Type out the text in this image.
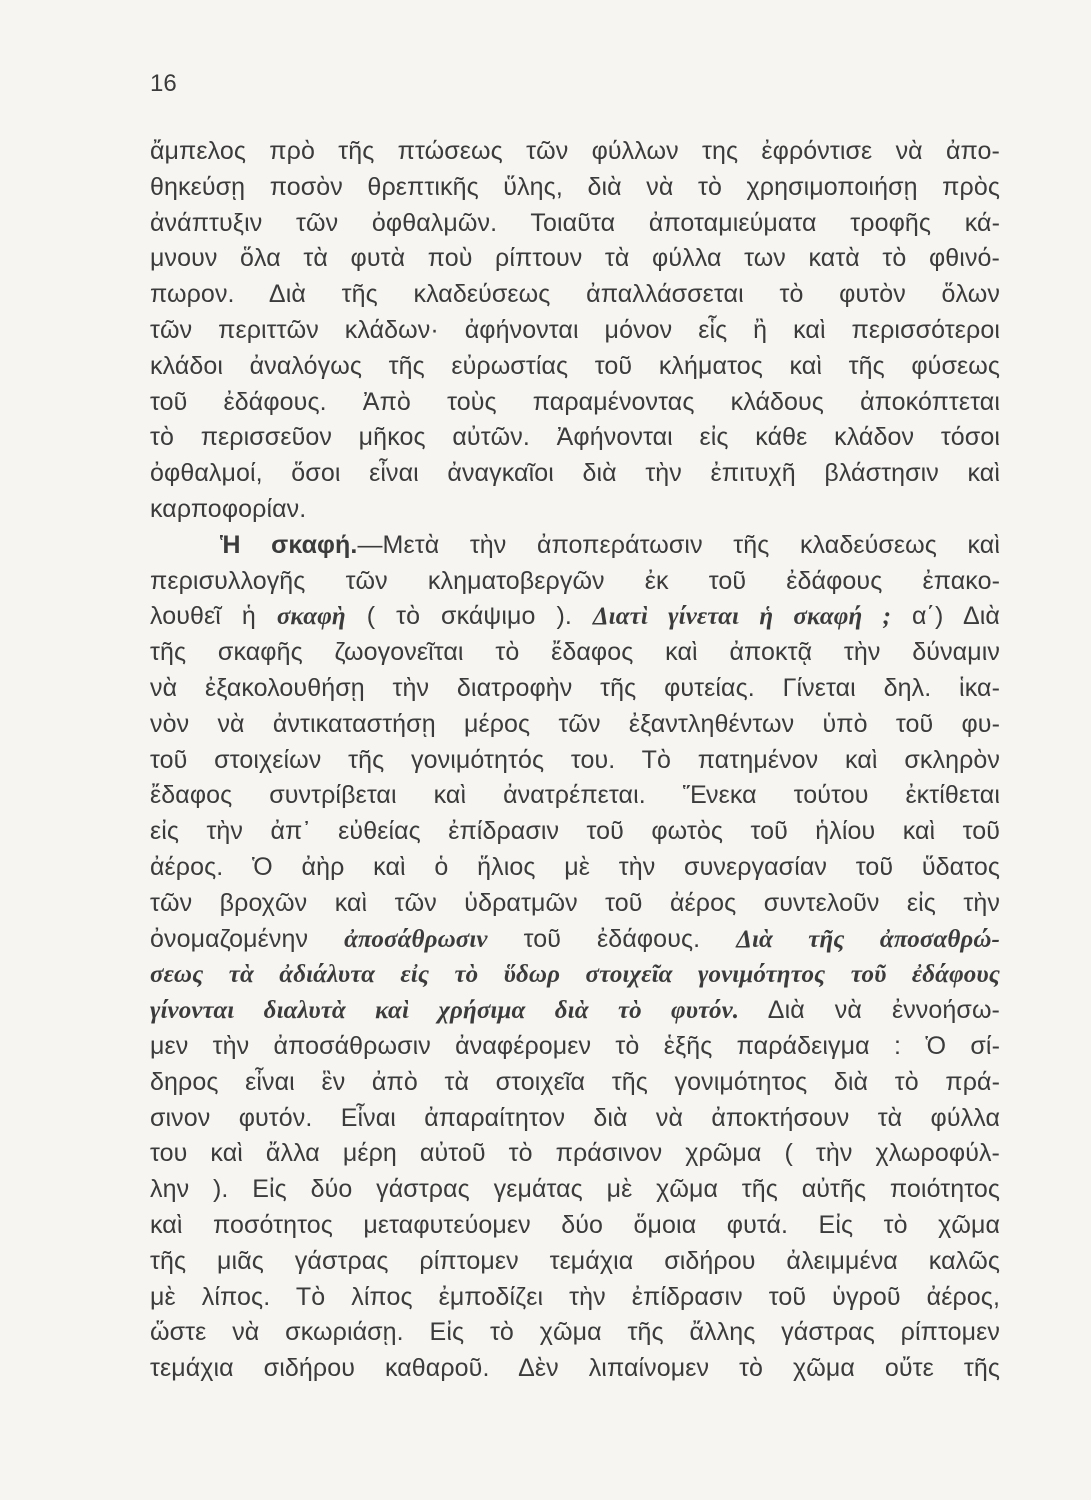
16
ἄμπελος πρὸ τῆς πτώσεως τῶν φύλλων της ἐφρόντισε νὰ ἀπο-
θηκεύσῃ ποσὸν θρεπτικῆς ὕλης, διὰ νὰ τὸ χρησιμοποιήσῃ πρὸς
ἀνάπτυξιν τῶν ὀφθαλμῶν. Τοιαῦτα ἀποταμιεύματα τροφῆς κά-
μνουν ὅλα τὰ φυτὰ ποὺ ρίπτουν τὰ φύλλα των κατὰ τὸ φθινό-
πωρον. Διὰ τῆς κλαδεύσεως ἀπαλλάσσεται τὸ φυτὸν ὅλων
τῶν περιττῶν κλάδων· ἀφήνονται μόνον εἷς ἢ καὶ περισσότεροι
κλάδοι ἀναλόγως τῆς εὐρωστίας τοῦ κλήματος καὶ τῆς φύσεως
τοῦ ἐδάφους. Ἀπὸ τοὺς παραμένοντας κλάδους ἀποκόπτεται
τὸ περισσεῦον μῆκος αὐτῶν. Ἀφήνονται εἰς κάθε κλάδον τόσοι
ὀφθαλμοί, ὅσοι εἶναι ἀναγκαῖοι διὰ τὴν ἐπιτυχῆ βλάστησιν καὶ
καρποφορίαν.
Ἡ σκαφή.—Μετὰ τὴν ἀποπεράτωσιν τῆς κλαδεύσεως καὶ
περισυλλογῆς τῶν κληματοβεργῶν ἐκ τοῦ ἐδάφους ἐπακο-
λουθεῖ ἡ σκαφὴ ( τὸ σκάψιμο ). Διατὶ γίνεται ἡ σκαφή ; α΄) Διὰ
τῆς σκαφῆς ζωογονεῖται τὸ ἔδαφος καὶ ἀποκτᾷ τὴν δύναμιν
νὰ ἐξακολουθήσῃ τὴν διατροφὴν τῆς φυτείας. Γίνεται δηλ. ἱκα-
νὸν νὰ ἀντικαταστήσῃ μέρος τῶν ἐξαντληθέντων ὑπὸ τοῦ φυ-
τοῦ στοιχείων τῆς γονιμότητός του. Τὸ πατημένον καὶ σκληρὸν
ἔδαφος συντρίβεται καὶ ἀνατρέπεται. Ἕνεκα τούτου ἐκτίθεται
εἰς τὴν ἀπ᾽ εὐθείας ἐπίδρασιν τοῦ φωτὸς τοῦ ἡλίου καὶ τοῦ
ἀέρος. Ὁ ἀὴρ καὶ ὁ ἥλιος μὲ τὴν συνεργασίαν τοῦ ὕδατος
τῶν βροχῶν καὶ τῶν ὑδρατμῶν τοῦ ἀέρος συντελοῦν εἰς τὴν
ὀνομαζομένην ἀποσάθρωσιν τοῦ ἐδάφους. Διὰ τῆς ἀποσαθρώ-
σεως τὰ ἀδιάλυτα εἰς τὸ ὕδωρ στοιχεῖα γονιμότητος τοῦ ἐδάφους
γίνονται διαλυτὰ καὶ χρήσιμα διὰ τὸ φυτόν. Διὰ νὰ ἐννοήσω-
μεν τὴν ἀποσάθρωσιν ἀναφέρομεν τὸ ἑξῆς παράδειγμα : Ὁ σί-
δηρος εἶναι ἓν ἀπὸ τὰ στοιχεῖα τῆς γονιμότητος διὰ τὸ πρά-
σινον φυτόν. Εἶναι ἀπαραίτητον διὰ νὰ ἀποκτήσουν τὰ φύλλα
του καὶ ἄλλα μέρη αὐτοῦ τὸ πράσινον χρῶμα ( τὴν χλωροφύλ-
λην ). Εἰς δύο γάστρας γεμάτας μὲ χῶμα τῆς αὐτῆς ποιότητος
καὶ ποσότητος μεταφυτεύομεν δύο ὅμοια φυτά. Εἰς τὸ χῶμα
τῆς μιᾶς γάστρας ρίπτομεν τεμάχια σιδήρου ἀλειμμένα καλῶς
μὲ λίπος. Τὸ λίπος ἐμποδίζει τὴν ἐπίδρασιν τοῦ ὑγροῦ ἀέρος,
ὥστε νὰ σκωριάσῃ. Εἰς τὸ χῶμα τῆς ἄλλης γάστρας ρίπτομεν
τεμάχια σιδήρου καθαροῦ. Δὲν λιπαίνομεν τὸ χῶμα οὔτε τῆς
